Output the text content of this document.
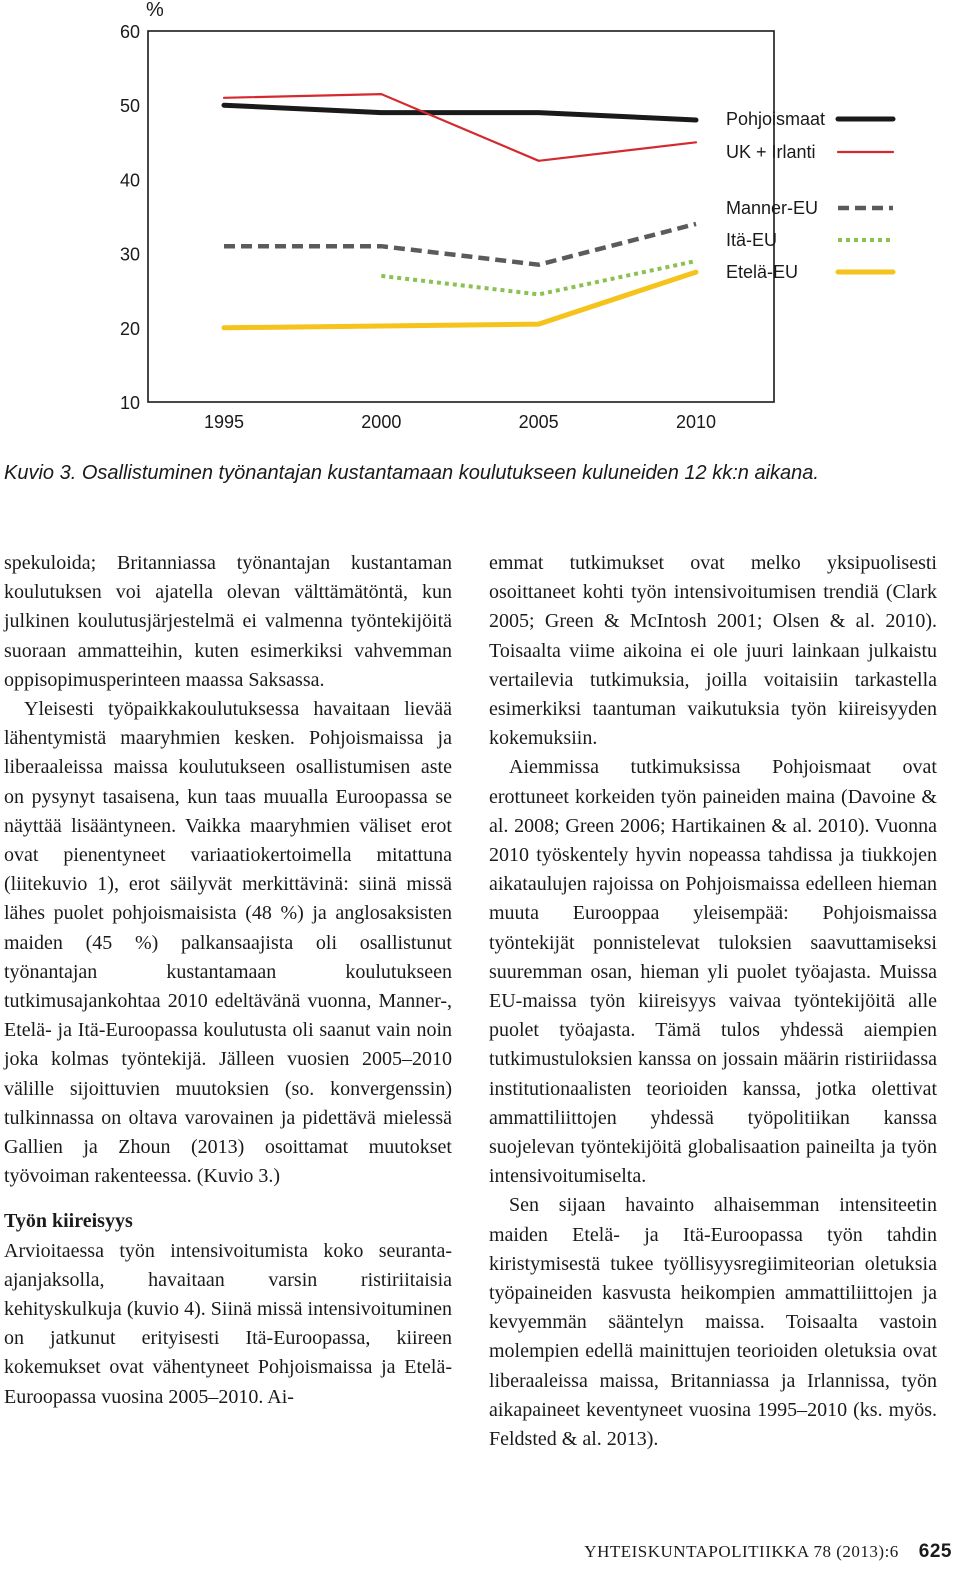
%
60
50
40
30
20
10
1995	2000	2005	2010
Pohjoismaat
UK + Irlanti
Manner-EU
Itä-EU
Etelä-EU

Kuvio 3. Osallistuminen työnantajan kustantamaan koulutukseen kuluneiden 12 kk:n aikana.

spekuloida; Britanniassa työnantajan kustantaman koulutuksen voi ajatella olevan välttämätöntä, kun julkinen koulutusjärjestelmä ei valmenna työntekijöitä suoraan ammatteihin, kuten esimerkiksi vahvemman oppisopimusperinteen maassa Saksassa.

Yleisesti työpaikkakoulutuksessa havaitaan lievää lähentymistä maaryhmien kesken. Pohjoismaissa ja liberaaleissa maissa koulutukseen osallistumisen aste on pysynyt tasaisena, kun taas muualla Euroopassa se näyttää lisääntyneen. Vaikka maaryhmien väliset erot ovat pienentyneet variaatiokertoimella mitattuna (liitekuvio 1), erot säilyvät merkittävinä: siinä missä lähes puolet pohjoismaisista (48 %) ja anglosaksisten maiden (45 %) palkansaajista oli osallistunut työnantajan kustantamaan koulutukseen tutkimusajankohtaa 2010 edeltävänä vuonna, Manner-, Etelä- ja Itä-Euroopassa koulutusta oli saanut vain noin joka kolmas työntekijä. Jälleen vuosien 2005–2010 välille sijoittuvien muutoksien (so. konvergenssin) tulkinnassa on oltava varovainen ja pidettävä mielessä Gallien ja Zhoun (2013) osoittamat muutokset työvoiman rakenteessa. (Kuvio 3.)

Työn kiireisyys

Arvioitaessa työn intensivoitumista koko seuranta-ajanjaksolla, havaitaan varsin ristiriitaisia kehityskulkuja (kuvio 4). Siinä missä intensivoituminen on jatkunut erityisesti Itä-Euroopassa, kiireen kokemukset ovat vähentyneet Pohjoismaissa ja Etelä-Euroopassa vuosina 2005–2010. Ai-

emmat tutkimukset ovat melko yksipuolisesti osoittaneet kohti työn intensivoitumisen trendiä (Clark 2005; Green & McIntosh 2001; Olsen & al. 2010). Toisaalta viime aikoina ei ole juuri lainkaan julkaistu vertailevia tutkimuksia, joilla voitaisiin tarkastella esimerkiksi taantuman vaikutuksia työn kiireisyyden kokemuksiin.

Aiemmissa tutkimuksissa Pohjoismaat ovat erottuneet korkeiden työn paineiden maina (Davoine & al. 2008; Green 2006; Hartikainen & al. 2010). Vuonna 2010 työskentely hyvin nopeassa tahdissa ja tiukkojen aikataulujen rajoissa on Pohjoismaissa edelleen hieman muuta Eurooppaa yleisempää: Pohjoismaissa työntekijät ponnistelevat tuloksien saavuttamiseksi suuremman osan, hieman yli puolet työajasta. Muissa EU-maissa työn kiireisyys vaivaa työntekijöitä alle puolet työajasta. Tämä tulos yhdessä aiempien tutkimustuloksien kanssa on jossain määrin ristiriidassa institutionaalisten teorioiden kanssa, jotka olettivat ammattiliittojen yhdessä työpolitiikan kanssa suojelevan työntekijöitä globalisaation paineilta ja työn intensivoitumiselta.

Sen sijaan havainto alhaisemman intensiteetin maiden Etelä- ja Itä-Euroopassa työn tahdin kiristymisestä tukee työllisyysregiimiteorian oletuksia työpaineiden kasvusta heikompien ammattiliittojen ja kevyemmän sääntelyn maissa. Toisaalta vastoin molempien edellä mainittujen teorioiden oletuksia ovat liberaaleissa maissa, Britanniassa ja Irlannissa, työn aikapaineet keventyneet vuosina 1995–2010 (ks. myös. Feldsted & al. 2013).

YHTEISKUNTAPOLITIIKKA 78 (2013):6 625
